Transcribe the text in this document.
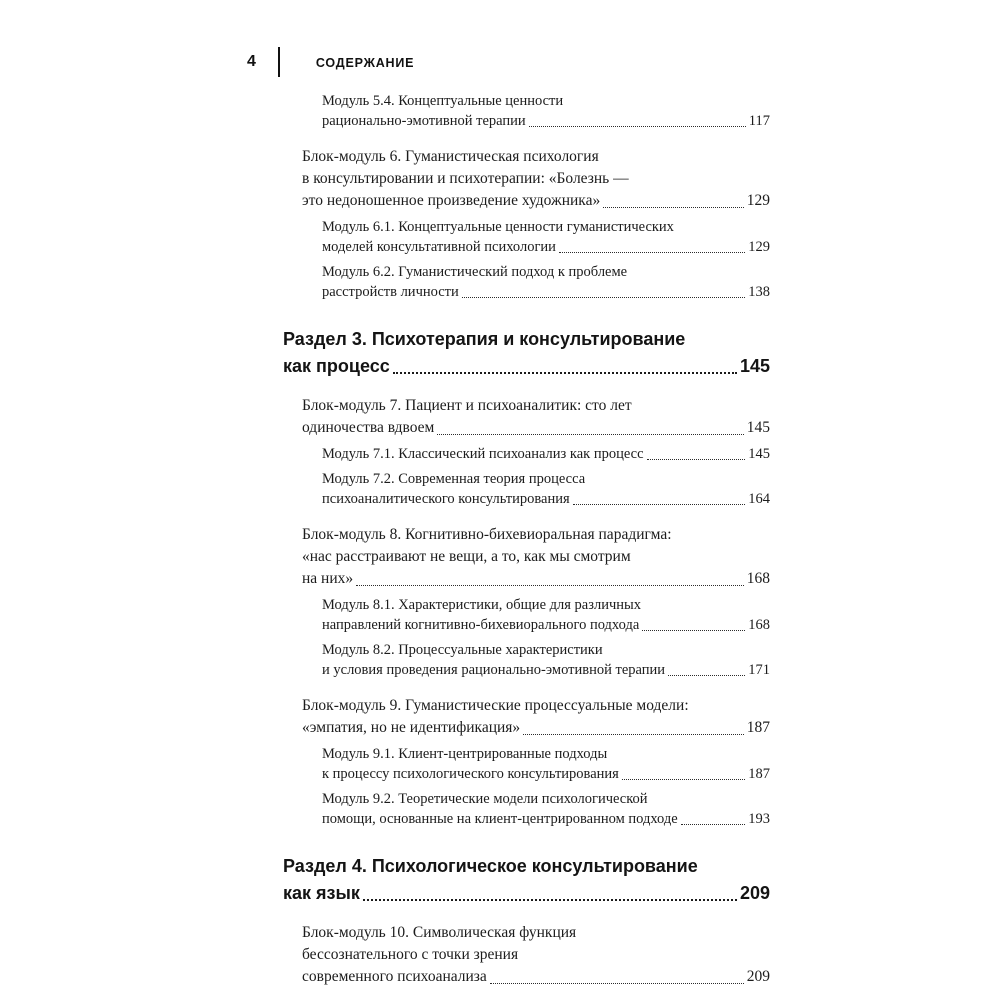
4	СОДЕРЖАНИЕ
Модуль 5.4. Концептуальные ценности
рационально-эмотивной терапии	117
Блок-модуль 6. Гуманистическая психология
в консультировании и психотерапии: «Болезнь —
это недоношенное произведение художника»	129
Модуль 6.1. Концептуальные ценности гуманистических
моделей консультативной психологии	129
Модуль 6.2. Гуманистический подход к проблеме
расстройств личности	138
Раздел 3. Психотерапия и консультирование
как процесс	145
Блок-модуль 7. Пациент и психоаналитик: сто лет
одиночества вдвоем	145
Модуль 7.1. Классический психоанализ как процесс	145
Модуль 7.2. Современная теория процесса
психоаналитического консультирования	164
Блок-модуль 8. Когнитивно-бихевиоральная парадигма:
«нас расстраивают не вещи, а то, как мы смотрим
на них»	168
Модуль 8.1. Характеристики, общие для различных
направлений когнитивно-бихевиорального подхода	168
Модуль 8.2. Процессуальные характеристики
и условия проведения рационально-эмотивной терапии	171
Блок-модуль 9. Гуманистические процессуальные модели:
«эмпатия, но не идентификация»	187
Модуль 9.1. Клиент-центрированные подходы
к процессу психологического консультирования	187
Модуль 9.2. Теоретические модели психологической
помощи, основанные на клиент-центрированном подходе	193
Раздел 4. Психологическое консультирование
как язык	209
Блок-модуль 10. Символическая функция
бессознательного с точки зрения
современного психоанализа	209
